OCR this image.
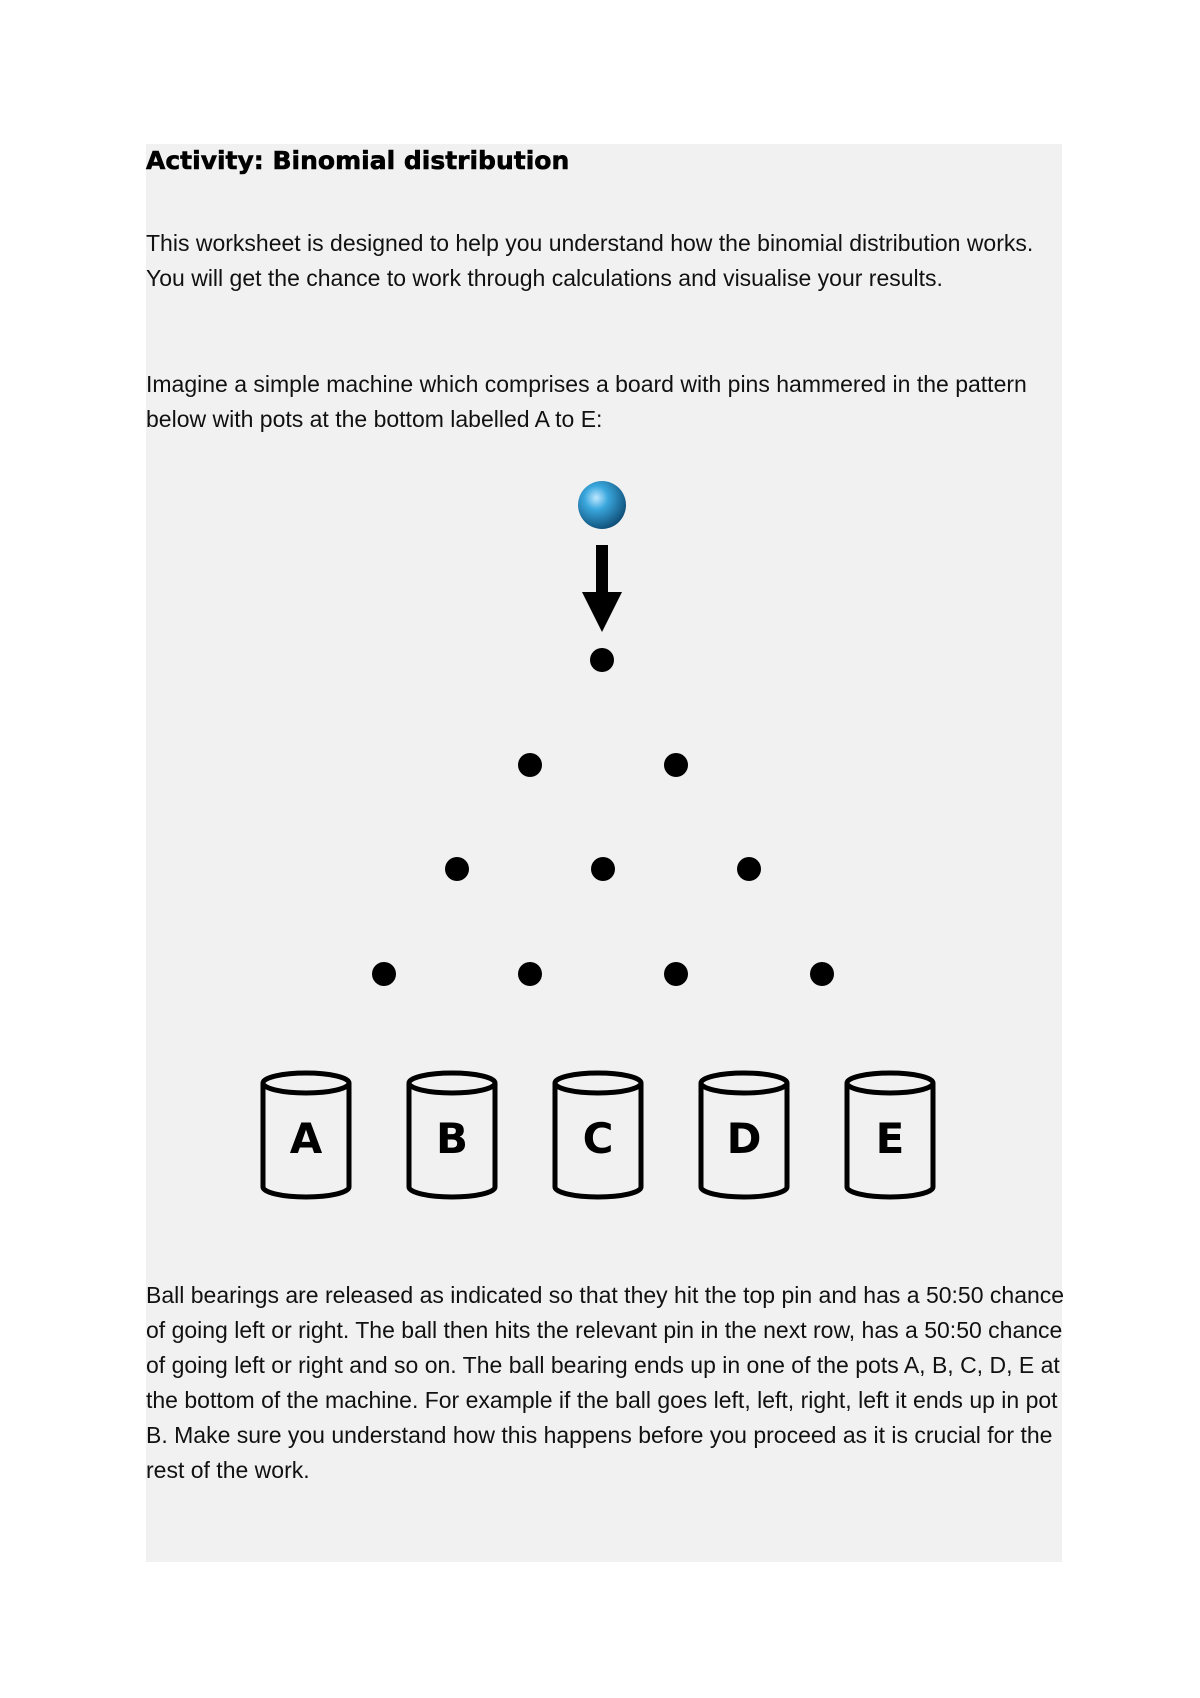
Activity: Binomial distribution

This worksheet is designed to help you understand how the binomial distribution works. You will get the chance to work through calculations and visualise your results.

Imagine a simple machine which comprises a board with pins hammered in the pattern below with pots at the bottom labelled A to E:

A	B	C	D	E

Ball bearings are released as indicated so that they hit the top pin and has a 50:50 chance of going left or right. The ball then hits the relevant pin in the next row, has a 50:50 chance of going left or right and so on. The ball bearing ends up in one of the pots A, B, C, D, E at the bottom of the machine. For example if the ball goes left, left, right, left it ends up in pot B. Make sure you understand how this happens before you proceed as it is crucial for the rest of the work.
